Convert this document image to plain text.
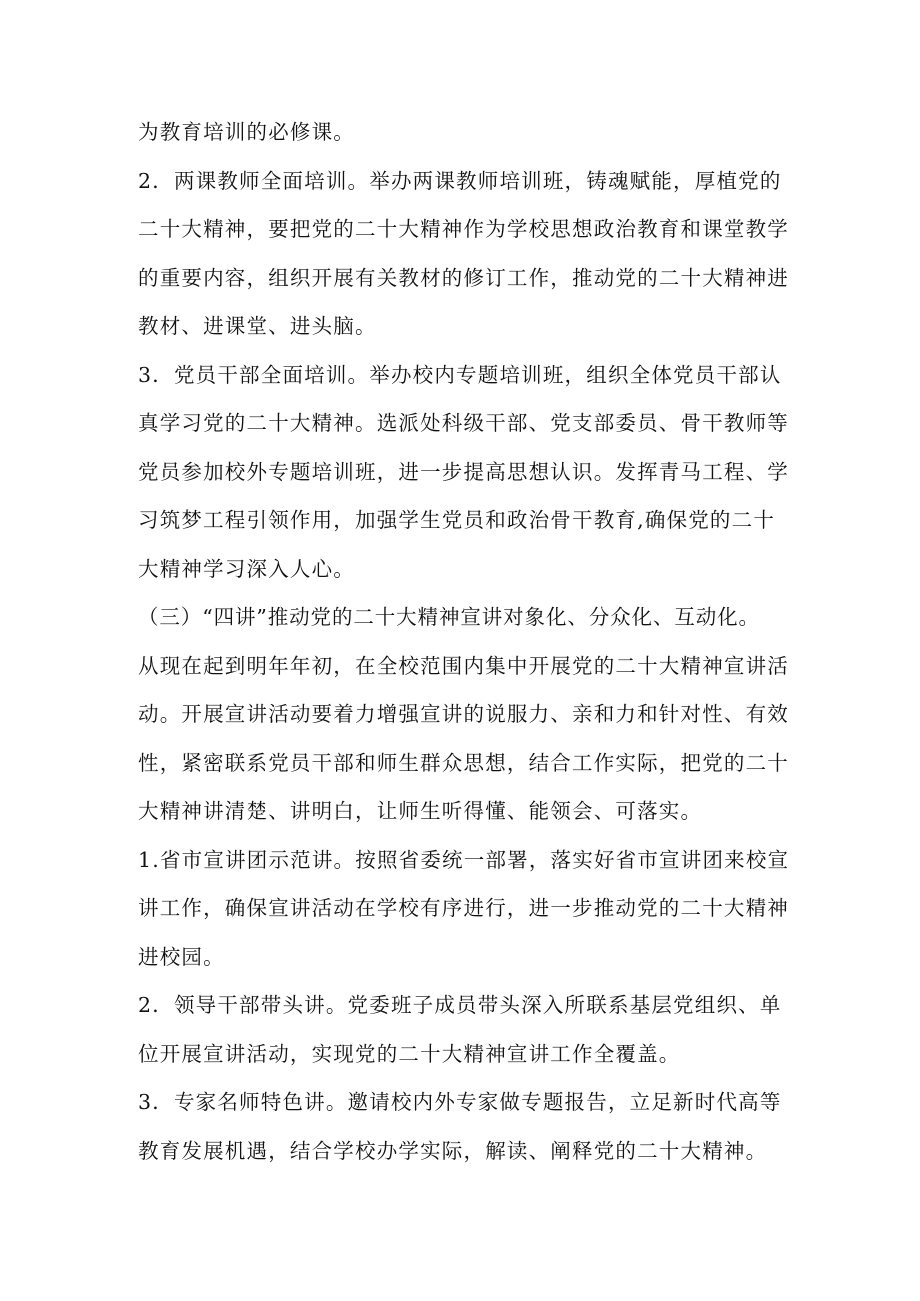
为教育培训的必修课。
2．两课教师全面培训。举办两课教师培训班，铸魂赋能，厚植党的
二十大精神，要把党的二十大精神作为学校思想政治教育和课堂教学
的重要内容，组织开展有关教材的修订工作，推动党的二十大精神进
教材、进课堂、进头脑。
3．党员干部全面培训。举办校内专题培训班，组织全体党员干部认
真学习党的二十大精神。选派处科级干部、党支部委员、骨干教师等
党员参加校外专题培训班，进一步提高思想认识。发挥青马工程、学
习筑梦工程引领作用，加强学生党员和政治骨干教育,确保党的二十
大精神学习深入人心。
（三）“四讲”推动党的二十大精神宣讲对象化、分众化、互动化。
从现在起到明年年初，在全校范围内集中开展党的二十大精神宣讲活
动。开展宣讲活动要着力增强宣讲的说服力、亲和力和针对性、有效
性，紧密联系党员干部和师生群众思想，结合工作实际，把党的二十
大精神讲清楚、讲明白，让师生听得懂、能领会、可落实。
1.省市宣讲团示范讲。按照省委统一部署，落实好省市宣讲团来校宣
讲工作，确保宣讲活动在学校有序进行，进一步推动党的二十大精神
进校园。
2．领导干部带头讲。党委班子成员带头深入所联系基层党组织、单
位开展宣讲活动，实现党的二十大精神宣讲工作全覆盖。
3．专家名师特色讲。邀请校内外专家做专题报告，立足新时代高等
教育发展机遇，结合学校办学实际，解读、阐释党的二十大精神。
